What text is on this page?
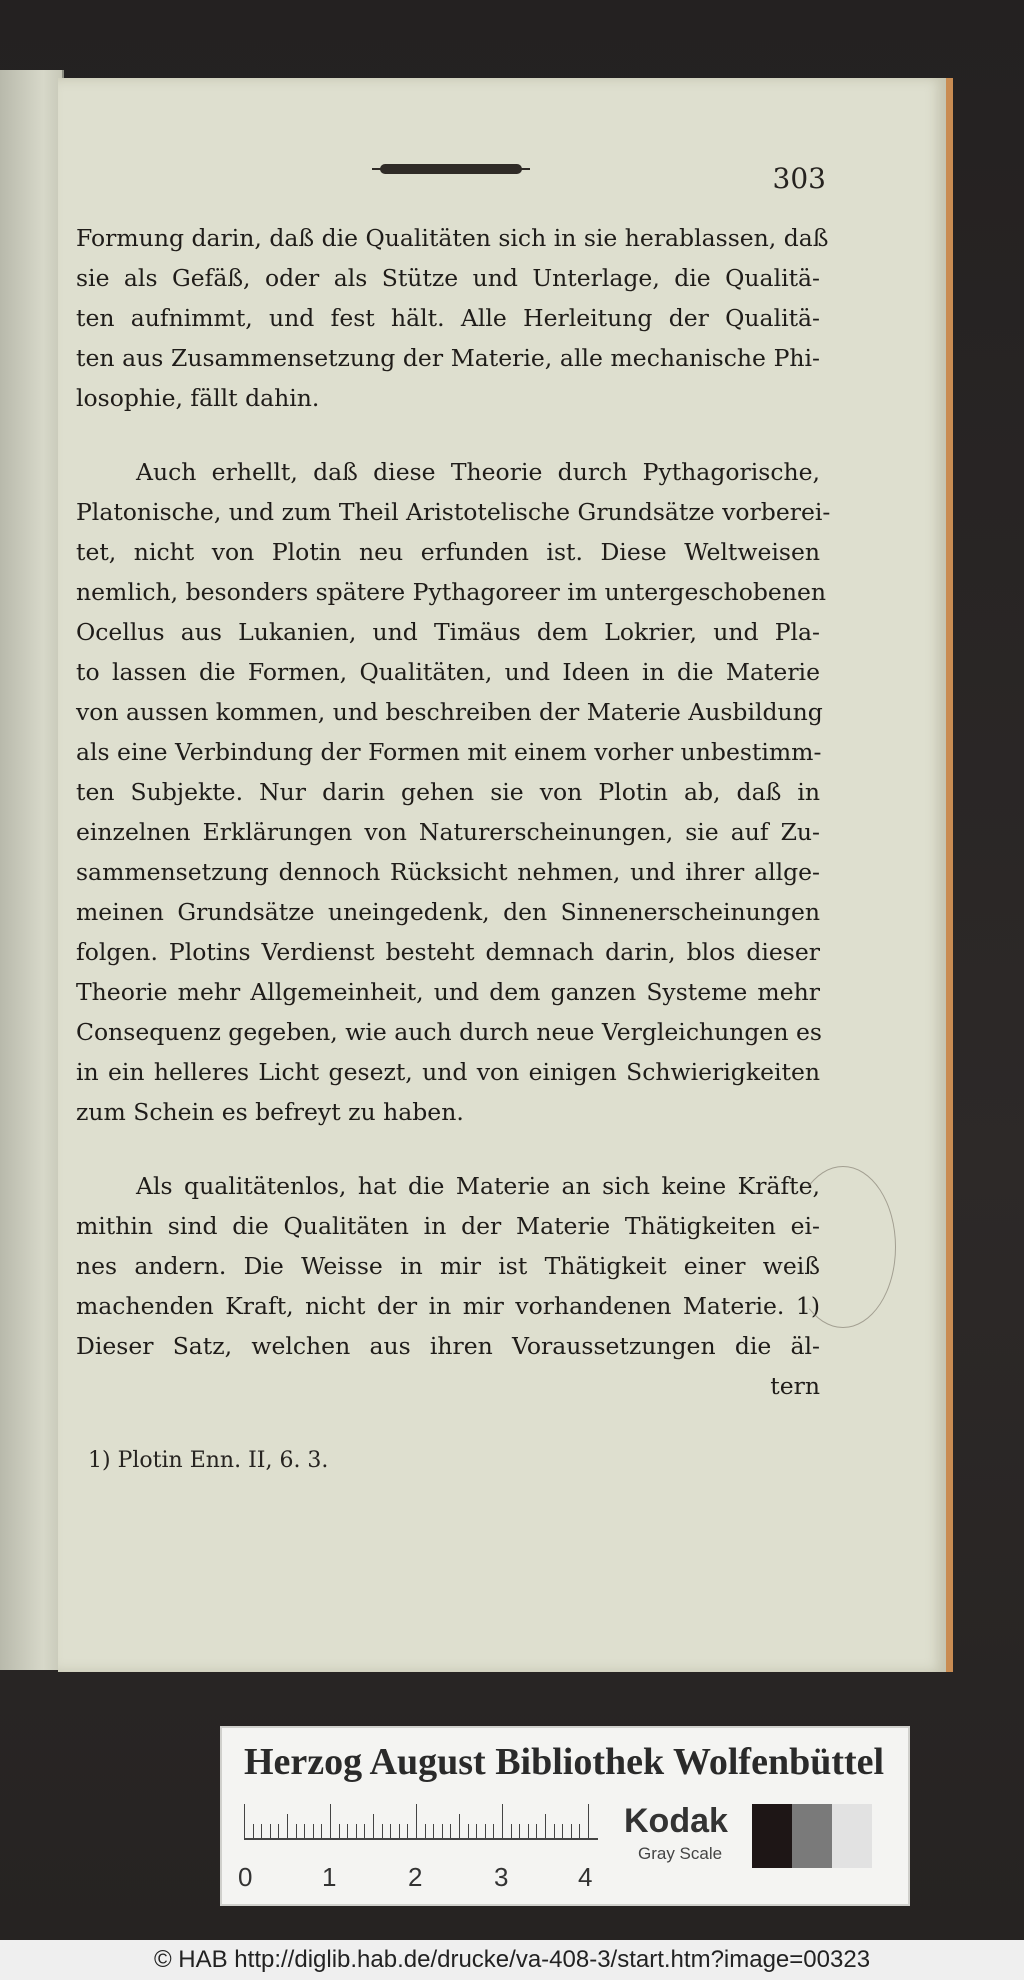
303

Formung darin, daß die Qualitäten sich in sie herablassen, daß
sie als Gefäß, oder als Stütze und Unterlage, die Qualitä-
ten aufnimmt, und fest hält. Alle Herleitung der Qualitä-
ten aus Zusammensetzung der Materie, alle mechanische Phi-
losophie, fällt dahin.

Auch erhellt, daß diese Theorie durch Pythagorische,
Platonische, und zum Theil Aristotelische Grundsätze vorberei-
tet, nicht von Plotin neu erfunden ist. Diese Weltweisen
nemlich, besonders spätere Pythagoreer im untergeschobenen
Ocellus aus Lukanien, und Timäus dem Lokrier, und Pla-
to lassen die Formen, Qualitäten, und Ideen in die Materie
von aussen kommen, und beschreiben der Materie Ausbildung
als eine Verbindung der Formen mit einem vorher unbestimm-
ten Subjekte. Nur darin gehen sie von Plotin ab, daß in
einzelnen Erklärungen von Naturerscheinungen, sie auf Zu-
sammensetzung dennoch Rücksicht nehmen, und ihrer allge-
meinen Grundsätze uneingedenk, den Sinnenerscheinungen
folgen. Plotins Verdienst besteht demnach darin, blos dieser
Theorie mehr Allgemeinheit, und dem ganzen Systeme mehr
Consequenz gegeben, wie auch durch neue Vergleichungen es
in ein helleres Licht gesezt, und von einigen Schwierigkeiten
zum Schein es befreyt zu haben.

Als qualitätenlos, hat die Materie an sich keine Kräfte,
mithin sind die Qualitäten in der Materie Thätigkeiten ei-
nes andern. Die Weisse in mir ist Thätigkeit einer weiß
machenden Kraft, nicht der in mir vorhandenen Materie. 1)
Dieser Satz, welchen aus ihren Voraussetzungen die äl-

tern
1) Plotin Enn. II, 6. 3.
Herzog August Bibliothek Wolfenbüttel
0	1	2	3	4
Kodak
Gray Scale
© HAB http://diglib.hab.de/drucke/va-408-3/start.htm?image=00323
